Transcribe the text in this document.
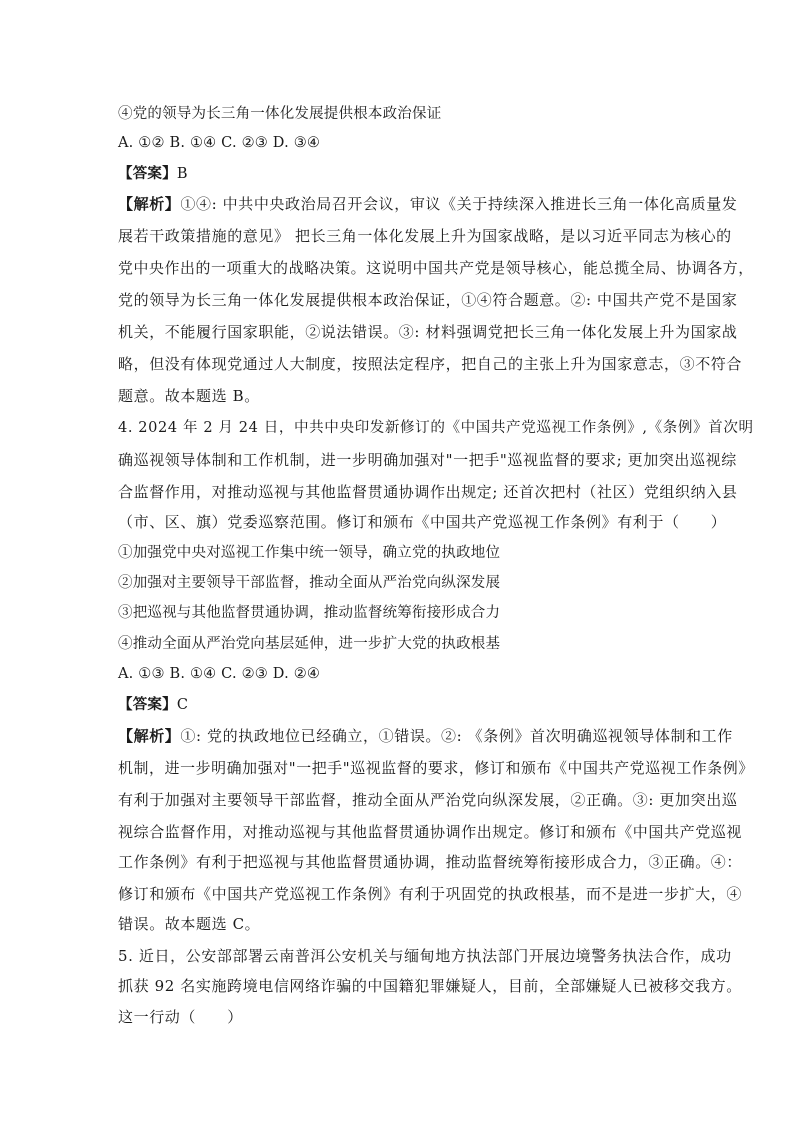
④党的领导为长三角一体化发展提供根本政治保证
A. ①② B. ①④ C. ②③ D. ③④
【答案】B
【解析】①④: 中共中央政治局召开会议，审议《关于持续深入推进长三角一体化高质量发
展若干政策措施的意见》 把长三角一体化发展上升为国家战略，是以习近平同志为核心的
党中央作出的一项重大的战略决策。这说明中国共产党是领导核心，能总揽全局、协调各方，
党的领导为长三角一体化发展提供根本政治保证，①④符合题意。②: 中国共产党不是国家
机关，不能履行国家职能，②说法错误。③: 材料强调党把长三角一体化发展上升为国家战
略，但没有体现党通过人大制度，按照法定程序，把自己的主张上升为国家意志，③不符合
题意。故本题选 B。
4. 2024 年 2 月 24 日，中共中央印发新修订的《中国共产党巡视工作条例》,《条例》首次明
确巡视领导体制和工作机制，进一步明确加强对"一把手"巡视监督的要求; 更加突出巡视综
合监督作用，对推动巡视与其他监督贯通协调作出规定; 还首次把村（社区）党组织纳入县
（市、区、旗）党委巡察范围。修订和颁布《中国共产党巡视工作条例》有利于（　　）
①加强党中央对巡视工作集中统一领导，确立党的执政地位
②加强对主要领导干部监督，推动全面从严治党向纵深发展
③把巡视与其他监督贯通协调，推动监督统筹衔接形成合力
④推动全面从严治党向基层延伸，进一步扩大党的执政根基
A. ①③ B. ①④ C. ②③ D. ②④
【答案】C
【解析】①: 党的执政地位已经确立，①错误。②: 《条例》首次明确巡视领导体制和工作
机制，进一步明确加强对"一把手"巡视监督的要求，修订和颁布《中国共产党巡视工作条例》
有利于加强对主要领导干部监督，推动全面从严治党向纵深发展，②正确。③: 更加突出巡
视综合监督作用，对推动巡视与其他监督贯通协调作出规定。修订和颁布《中国共产党巡视
工作条例》有利于把巡视与其他监督贯通协调，推动监督统筹衔接形成合力，③正确。④：
修订和颁布《中国共产党巡视工作条例》有利于巩固党的执政根基，而不是进一步扩大，④
错误。故本题选 C。
5. 近日，公安部部署云南普洱公安机关与缅甸地方执法部门开展边境警务执法合作，成功
抓获 92 名实施跨境电信网络诈骗的中国籍犯罪嫌疑人，目前，全部嫌疑人已被移交我方。
这一行动（　　）
